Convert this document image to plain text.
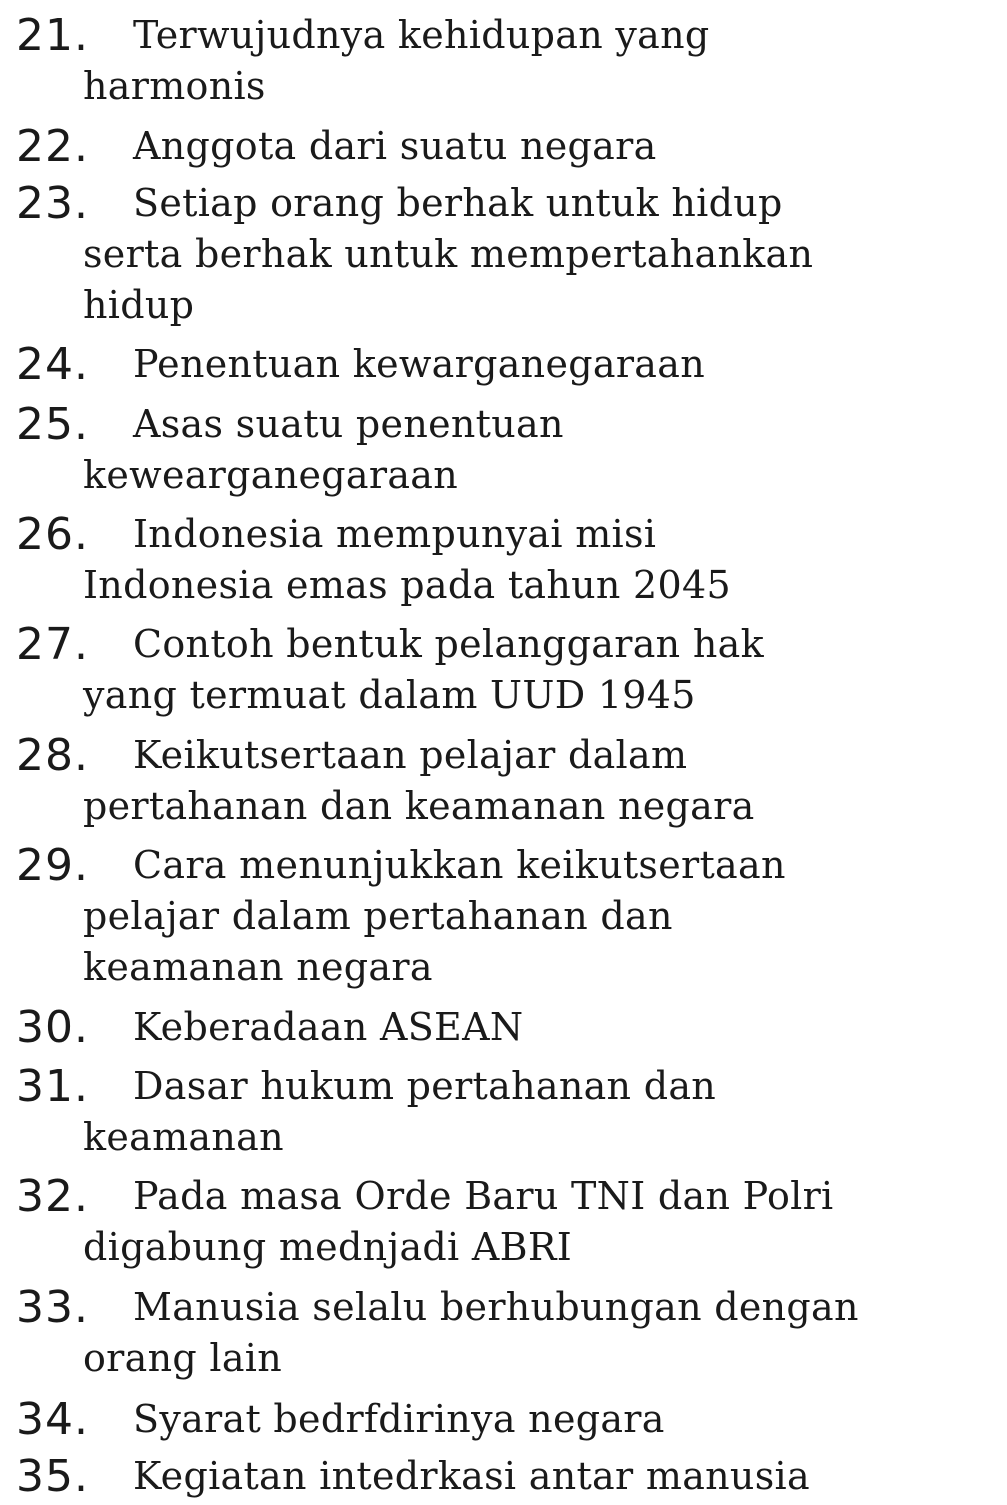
21. Terwujudnya kehidupan yang
harmonis
22. Anggota dari suatu negara
23. Setiap orang berhak untuk hidup
serta berhak untuk mempertahankan
hidup
24. Penentuan kewarganegaraan
25. Asas suatu penentuan
kewearganegaraan
26. Indonesia mempunyai misi
Indonesia emas pada tahun 2045
27. Contoh bentuk pelanggaran hak
yang termuat dalam UUD 1945
28. Keikutsertaan pelajar dalam
pertahanan dan keamanan negara
29. Cara menunjukkan keikutsertaan
pelajar dalam pertahanan dan
keamanan negara
30. Keberadaan ASEAN
31. Dasar hukum pertahanan dan
keamanan
32. Pada masa Orde Baru TNI dan Polri
digabung mednjadi ABRI
33. Manusia selalu berhubungan dengan
orang lain
34. Syarat bedrfdirinya negara
35. Kegiatan intedrkasi antar manusia
